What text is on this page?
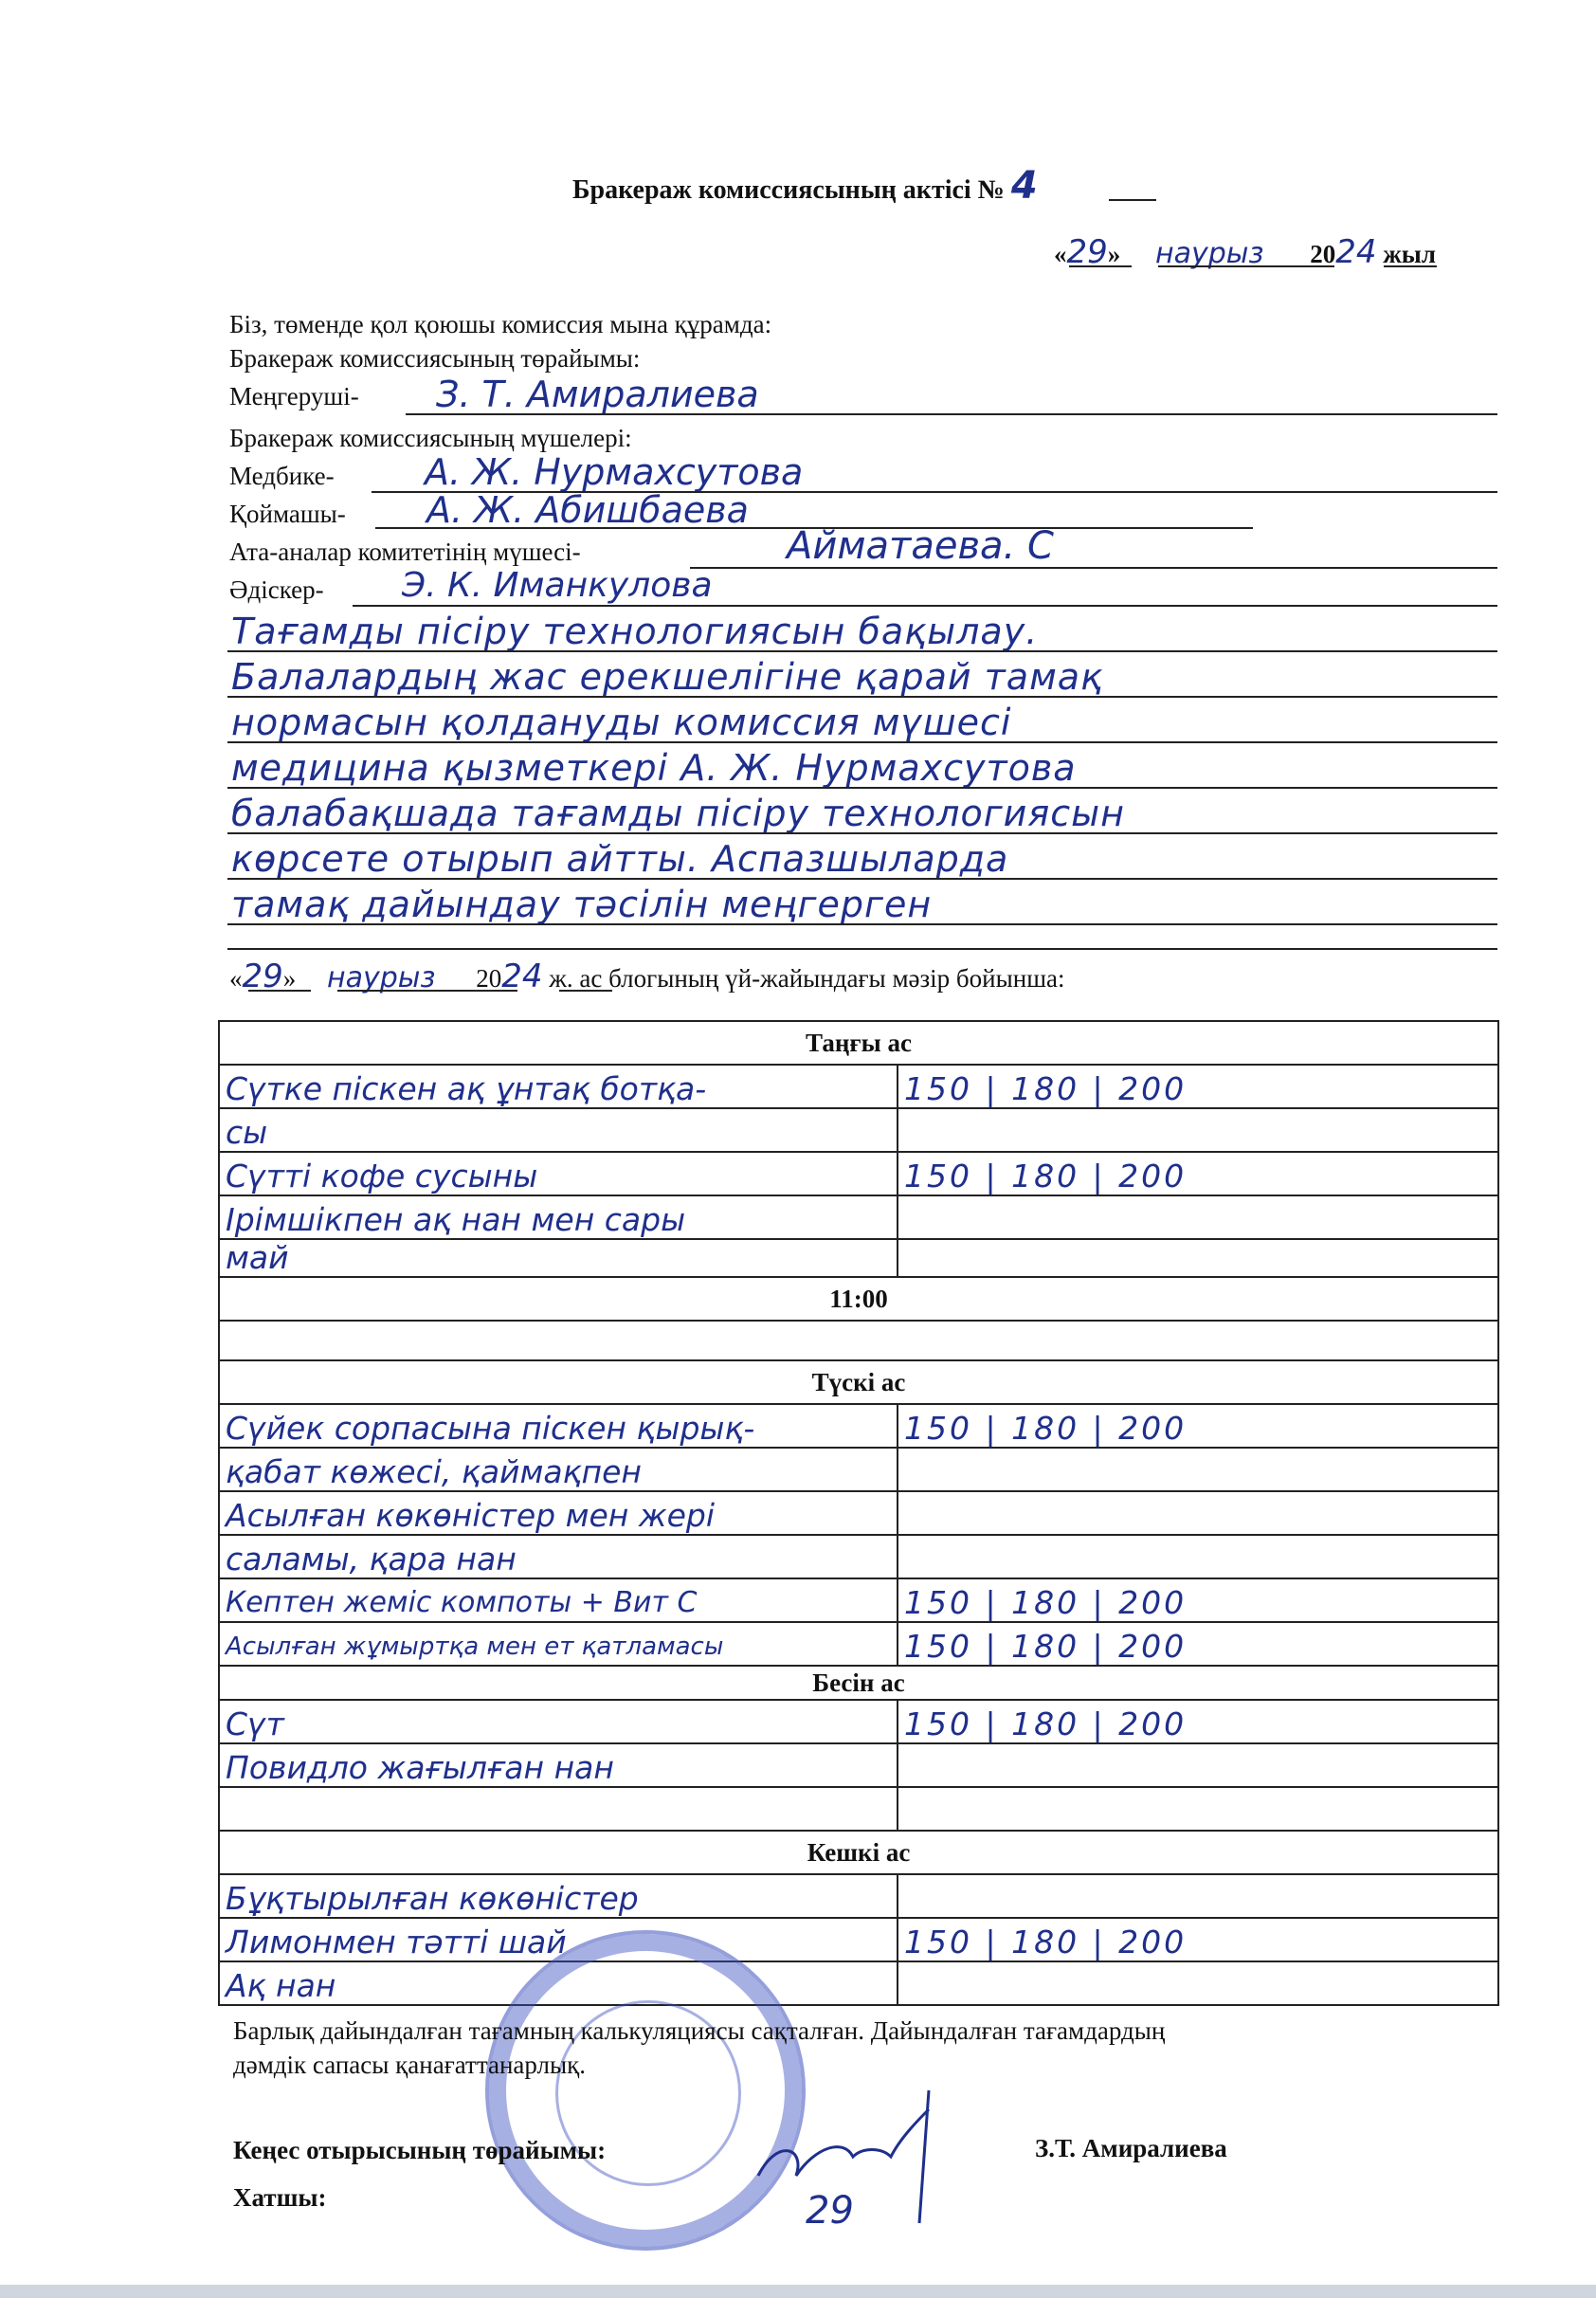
Бракераж комиссиясының актісі № 4
«29» наурыз 2024 жыл
Біз, төменде қол қоюшы комиссия мына құрамда:
Бракераж комиссиясының төрайымы:
Меңгеруші- З. Т. Амиралиева
Бракераж комиссиясының мүшелері:
Медбике-	А. Ж. Нурмахсутова
Қоймашы- А. Ж. Абишбаева
Ата-аналар комитетінің мүшесі-	Айматаева. С
Әдіскер- Э. К. Иманкулова
Тағамды пісіру технологиясын бақылау.
Балалардың жас ерекшелігіне қарай тамақ
нормасын қолдануды комиссия мүшесі
медицина қызметкері А. Ж. Нурмахсутова
балабақшада тағамды пісіру технологиясын
көрсете отырып айтты. Аспазшыларда
тамақ дайындау тәсілін меңгерген
«29» наурыз 2024 ж. ас блогының үй-жайындағы мәзір бойынша:
Таңғы ас	
Сүтке піскен ақ ұнтақ ботқа-	150 | 180 | 200
сы	
Сүтті кофе сусыны	150 | 180 | 200
Ірімшікпен ақ нан мен сары	
май	
11:00	

Түскі ас	
Сүйек сорпасына піскен қырық-	150 | 180 | 200
қабат көжесі, қаймақпен	
Асылған көкөністер мен жері	
саламы, қара нан	
Кептен жеміс компоты + Вит С	150 | 180 | 200
Асылған жұмыртқа мен ет қатламасы	150 | 180 | 200
Бесін ас	
Сүт	150 | 180 | 200
Повидло жағылған нан	

Кешкі ас	
Бұқтырылған көкөністер	
Лимонмен тәтті шай	150 | 180 | 200
Ақ нан	
Барлық дайындалған тағамның калькуляциясы сақталған. Дайындалған тағамдардың
дәмдік сапасы қанағаттанарлық.
Кеңес отырысының төрайымы:	З.Т. Амиралиева
Хатшы:	29
